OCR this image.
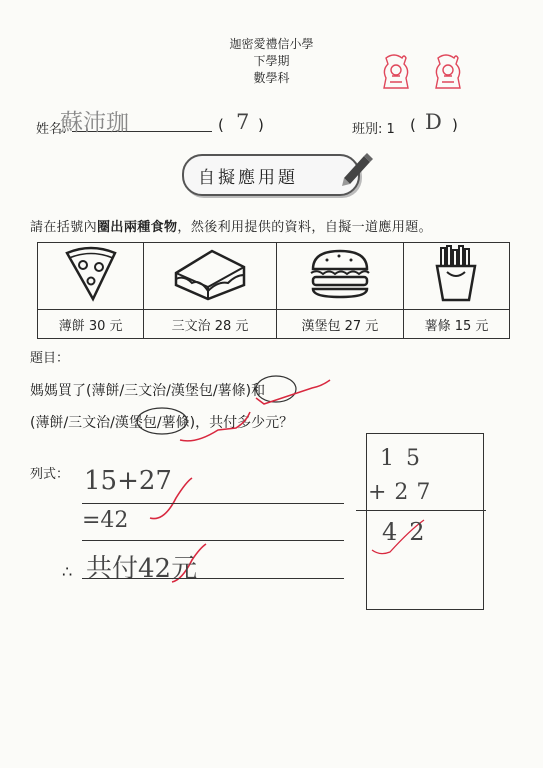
迦密愛禮信小學
下學期
數學科
姓名:
蘇沛珈	( 7 )	班別: 1 ( D )
自擬應用題
請在括號內圈出兩種食物，然後利用提供的資料，自擬一道應用題。

薄餅 30 元	三文治 28 元	漢堡包 27 元	薯條 15 元
題目：
媽媽買了(薄餅/三文治/漢堡包/薯條)和
(薄餅/三文治/漢堡包/薯條)，共付多少元？
列式： 15+27
=42
∴ 共付42元
15
+27
42
